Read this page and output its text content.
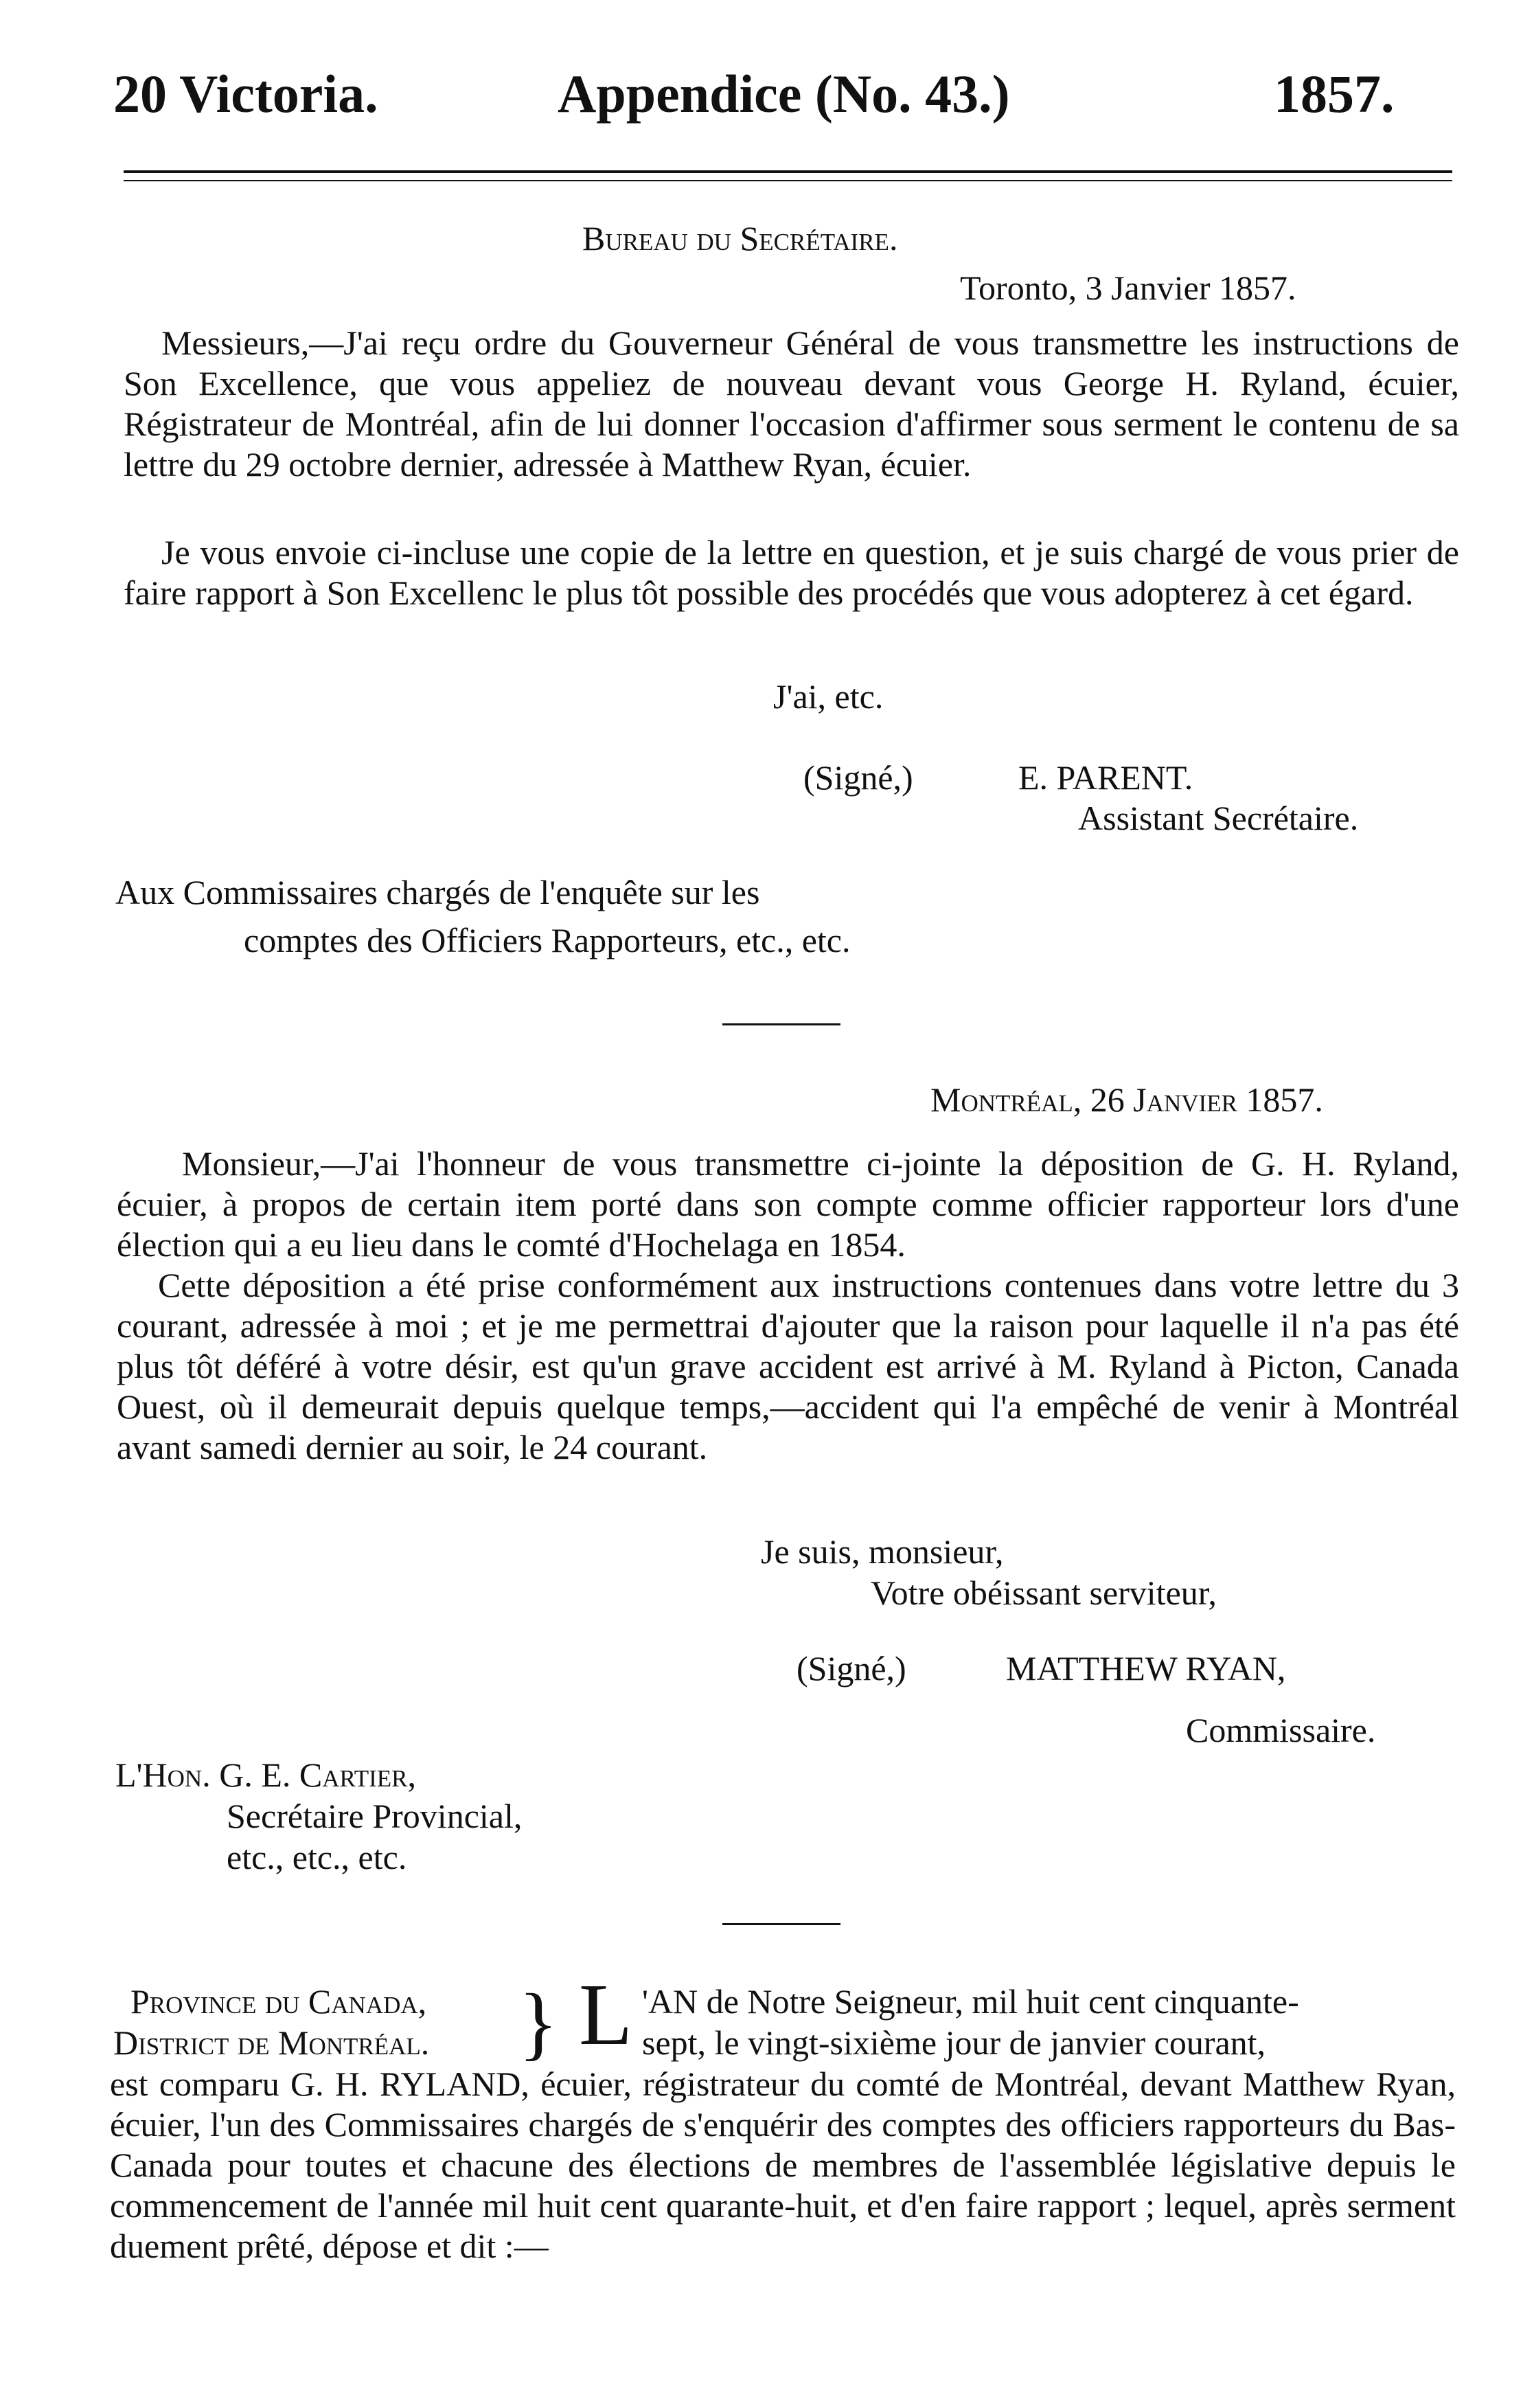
20 Victoria.	Appendice (No. 43.)	1857.
Bureau du Secrétaire.
Toronto, 3 Janvier 1857.
Messieurs,—J'ai reçu ordre du Gouverneur Général de vous transmettre les instructions de Son Excellence, que vous appeliez de nouveau devant vous George H. Ryland, écuier, Régistrateur de Montréal, afin de lui donner l'occasion d'affirmer sous serment le contenu de sa lettre du 29 octobre dernier, adressée à Matthew Ryan, écuier.
Je vous envoie ci-incluse une copie de la lettre en question, et je suis chargé de vous prier de faire rapport à Son Excellenc le plus tôt possible des procédés que vous adopterez à cet égard.
J'ai, etc.
(Signé,)	E. PARENT.
Assistant Secrétaire.
Aux Commissaires chargés de l'enquête sur les
comptes des Officiers Rapporteurs, etc., etc.
Montréal, 26 Janvier 1857.
Monsieur,—J'ai l'honneur de vous transmettre ci-jointe la déposition de G. H. Ryland, écuier, à propos de certain item porté dans son compte comme officier rapporteur lors d'une élection qui a eu lieu dans le comté d'Hochelaga en 1854.
Cette déposition a été prise conformément aux instructions contenues dans votre lettre du 3 courant, adressée à moi ; et je me permettrai d'ajouter que la raison pour laquelle il n'a pas été plus tôt déféré à votre désir, est qu'un grave accident est arrivé à M. Ryland à Picton, Canada Ouest, où il demeurait depuis quelque temps,—accident qui l'a empêché de venir à Montréal avant samedi dernier au soir, le 24 courant.
Je suis, monsieur,
Votre obéissant serviteur,
(Signé,)	MATTHEW RYAN,
Commissaire.
L'Hon. G. E. Cartier,
Secrétaire Provincial,
etc., etc., etc.
Province du Canada,
District de Montréal. } L 'AN de Notre Seigneur, mil huit cent cinquante-
sept, le vingt-sixième jour de janvier courant,
est comparu G. H. RYLAND, écuier, régistrateur du comté de Montréal, devant Matthew Ryan, écuier, l'un des Commissaires chargés de s'enquérir des comptes des officiers rapporteurs du Bas-Canada pour toutes et chacune des élections de membres de l'assemblée législative depuis le commencement de l'année mil huit cent quarante-huit, et d'en faire rapport ; lequel, après serment duement prêté, dépose et dit :—
